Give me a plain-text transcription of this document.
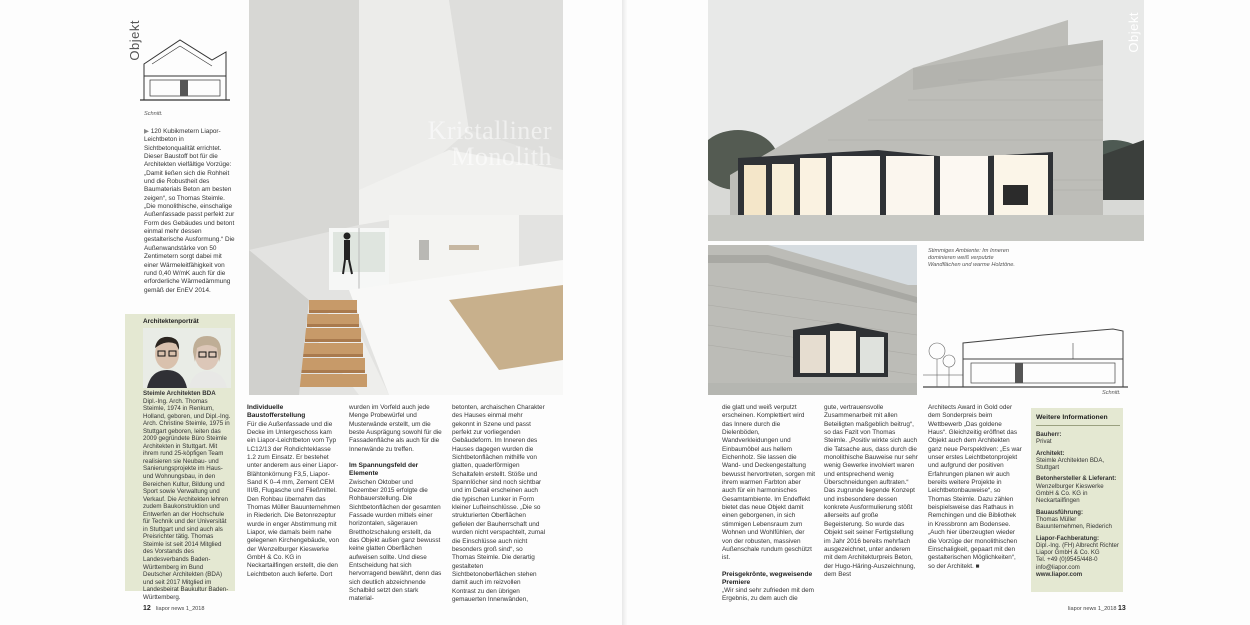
Objekt
Schnitt.

▶ 120 Kubikmetern Liapor-Leichtbeton in Sichtbetonqualität errichtet. Dieser Baustoff bot für die Architekten vielfältige Vorzüge: „Damit ließen sich die Rohheit und die Robustheit des Baumaterials Beton am besten zeigen“, so Thomas Steimle. „Die monolithische, einschalige Außenfassade passt perfekt zur Form des Gebäudes und betont einmal mehr dessen gestalterische Ausformung.“ Die Außenwandstärke von 50 Zentimetern sorgt dabei mit einer Wärmeleitfähigkeit von rund 0,40 W/mK auch für die erforderliche Wärmedämmung gemäß der EnEV 2014.

Architektenporträt
Steimle Architekten BDA
Dipl.-Ing. Arch. Thomas Steimle, 1974 in Renkum, Holland, geboren, und Dipl.-Ing. Arch. Christine Steimle, 1975 in Stuttgart geboren, leiten das 2009 gegründete Büro Steimle Architekten in Stuttgart. Mit ihrem rund 25-köpfigen Team realisieren sie Neubau- und Sanierungsprojekte im Haus- und Wohnungsbau, in den Bereichen Kultur, Bildung und Sport sowie Verwaltung und Verkauf. Die Architekten lehren zudem Baukonstruktion und Entwerfen an der Hochschule für Technik und der Universität in Stuttgart und sind auch als Preisrichter tätig. Thomas Steimle ist seit 2014 Mitglied des Vorstands des Landesverbands Baden-Württemberg im Bund Deutscher Architekten (BDA) und seit 2017 Mitglied im Landesbeirat Baukultur Baden-Württemberg.
Kristalliner
Monolith
Individuelle Baustofferstellung

Für die Außenfassade und die Decke im Untergeschoss kam ein Liapor-Leichtbeton vom Typ LC12/13 der Rohdichteklasse 1.2 zum Einsatz. Er bestehet unter anderem aus einer Liapor-Blähtonkörnung F3,5, Liapor-Sand K 0–4 mm, Zement CEM III/B, Flugasche und Fließmittel. Den Rohbau übernahm das Thomas Müller Bauunternehmen in Riederich. Die Betonrezeptur wurde in enger Abstimmung mit Liapor, wie damals beim nahe gelegenen Kirchengebäude, von der Wenzelburger Kieswerke GmbH & Co. KG in Neckartailfingen erstellt, die den Leichtbeton auch lieferte. Dort

wurden im Vorfeld auch jede Menge Probewürfel und Musterwände erstellt, um die beste Ausprägung sowohl für die Fassadenfläche als auch für die Innenwände zu treffen.

Im Spannungsfeld der Elemente

Zwischen Oktober und Dezember 2015 erfolgte die Rohbauerstellung. Die Sichtbetonflächen der gesamten Fassade wurden mittels einer horizontalen, sägerauen Brettholzschalung erstellt, da das Objekt außen ganz bewusst keine glatten Oberflächen aufweisen sollte. Und diese Entscheidung hat sich hervorragend bewährt, denn das sich deutlich abzeichnende Schalbild setzt den stark material-

betonten, archaischen Charakter des Hauses einmal mehr gekonnt in Szene und passt perfekt zur vorliegenden Gebäudeform. Im Inneren des Hauses dagegen wurden die Sichtbetonflächen mithilfe von glatten, quaderförmigen Schaltafeln erstellt. Stöße und Spannlöcher sind noch sichtbar und im Detail erscheinen auch die typischen Lunker in Form kleiner Lufteinschlüsse. „Die so strukturierten Oberflächen gefielen der Bauherrschaft und wurden nicht verspachtelt, zumal die Einschlüsse auch nicht besonders groß sind“, so Thomas Steimle. Die derartig gestalteten Sichtbetonoberflächen stehen damit auch im reizvollen Kontrast zu den übrigen gemauerten Innenwänden,

12 liapor news 1_2018
Objekt
Stimmiges Ambiente: Im Inneren dominieren weiß verputzte Wandflächen und warme Holztöne.
Schnitt.

die glatt und weiß verputzt erscheinen. Komplettiert wird das Innere durch die Dielenböden, Wandverkleidungen und Einbaumöbel aus hellem Eichenholz. Sie lassen die Wand- und Deckengestaltung bewusst hervortreten, sorgen mit ihrem warmen Farbton aber auch für ein harmonisches Gesamtambiente. Im Endeffekt bietet das neue Objekt damit einen geborgenen, in sich stimmigen Lebensraum zum Wohnen und Wohlfühlen, der von der robusten, massiven Außenschale rundum geschützt ist.

Preisgekrönte, wegweisende Premiere

„Wir sind sehr zufrieden mit dem Ergebnis, zu dem auch die

gute, vertrauensvolle Zusammenarbeit mit allen Beteiligten maßgeblich beitrug“, so das Fazit von Thomas Steimle. „Positiv wirkte sich auch die Tatsache aus, dass durch die monolithische Bauweise nur sehr wenig Gewerke involviert waren und entsprechend wenig Überschneidungen auftraten.“ Das zugrunde liegende Konzept und insbesondere dessen konkrete Ausformulierung stößt allerseits auf große Begeisterung. So wurde das Objekt seit seiner Fertigstellung im Jahr 2016 bereits mehrfach ausgezeichnet, unter anderem mit dem Architekturpreis Beton, der Hugo-Häring-Auszeichnung, dem Best

Architects Award in Gold oder dem Sonderpreis beim Wettbewerb „Das goldene Haus“. Gleichzeitig eröffnet das Objekt auch dem Architekten ganz neue Perspektiven: „Es war unser erstes Leichtbetonprojekt und aufgrund der positiven Erfahrungen planen wir auch bereits weitere Projekte in Leichtbetonbauweise“, so Thomas Steimle. Dazu zählen beispielsweise das Rathaus in Remchingen und die Bibliothek in Kressbronn am Bodensee. „Auch hier überzeugten wieder die Vorzüge der monolithischen Einschaligkeit, gepaart mit den gestalterischen Möglichkeiten“, so der Architekt. ■

Weitere Informationen
Bauherr:
Privat
Architekt:
Steimle Architekten BDA, Stuttgart
Betonhersteller & Lieferant:
Wenzelburger Kieswerke GmbH & Co. KG in Neckartailfingen
Bauausführung:
Thomas Müller Bauunternehmen, Riederich
Liapor-Fachberatung:
Dipl.-Ing. (FH) Albrecht Richter Liapor GmbH & Co. KG
Tel. +49 (0)9545/448-0
info@liapor.com
www.liapor.com
liapor news 1_2018 13
